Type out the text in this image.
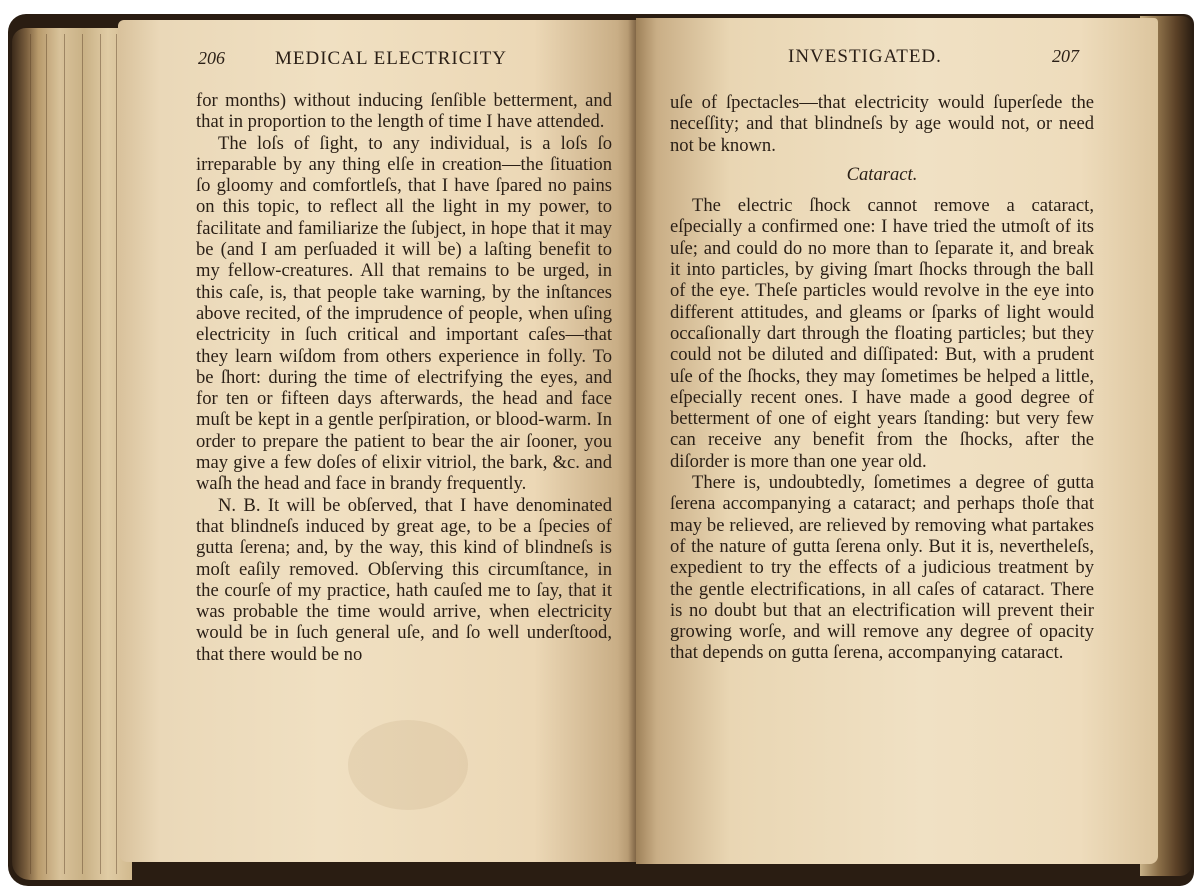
206	MEDICAL ELECTRICITY

for months) without inducing ſenſible betterment, and that in proportion to the length of time I have attended.

The loſs of ſight, to any individual, is a loſs ſo irreparable by any thing elſe in creation—the ſituation ſo gloomy and comfortleſs, that I have ſpared no pains on this topic, to reflect all the light in my power, to facilitate and familiarize the ſubject, in hope that it may be (and I am perſuaded it will be) a laſting benefit to my fellow-creatures. All that remains to be urged, in this caſe, is, that people take warning, by the inſtances above recited, of the imprudence of people, when uſing electricity in ſuch critical and important caſes—that they learn wiſdom from others experience in folly. To be ſhort: during the time of electrifying the eyes, and for ten or fifteen days afterwards, the head and face muſt be kept in a gentle perſpiration, or blood-warm. In order to prepare the patient to bear the air ſooner, you may give a few doſes of elixir vitriol, the bark, &c. and waſh the head and face in brandy frequently.

N. B. It will be obſerved, that I have denominated that blindneſs induced by great age, to be a ſpecies of gutta ſerena; and, by the way, this kind of blindneſs is moſt eaſily removed. Obſerving this circumſtance, in the courſe of my practice, hath cauſed me to ſay, that it was probable the time would arrive, when electricity would be in ſuch general uſe, and ſo well underſtood, that there would be no

INVESTIGATED.	207

uſe of ſpectacles—that electricity would ſuperſede the neceſſity; and that blindneſs by age would not, or need not be known.

Cataract.

The electric ſhock cannot remove a cataract, eſpecially a confirmed one: I have tried the utmoſt of its uſe; and could do no more than to ſeparate it, and break it into particles, by giving ſmart ſhocks through the ball of the eye. Theſe particles would revolve in the eye into different attitudes, and gleams or ſparks of light would occaſionally dart through the floating particles; but they could not be diluted and diſſipated: But, with a prudent uſe of the ſhocks, they may ſometimes be helped a little, eſpecially recent ones. I have made a good degree of betterment of one of eight years ſtanding: but very few can receive any benefit from the ſhocks, after the diſorder is more than one year old.

There is, undoubtedly, ſometimes a degree of gutta ſerena accompanying a cataract; and perhaps thoſe that may be relieved, are relieved by removing what partakes of the nature of gutta ſerena only. But it is, nevertheleſs, expedient to try the effects of a judicious treatment by the gentle electrifications, in all caſes of cataract. There is no doubt but that an electrification will prevent their growing worſe, and will remove any degree of opacity that depends on gutta ſerena, accompanying cataract.
